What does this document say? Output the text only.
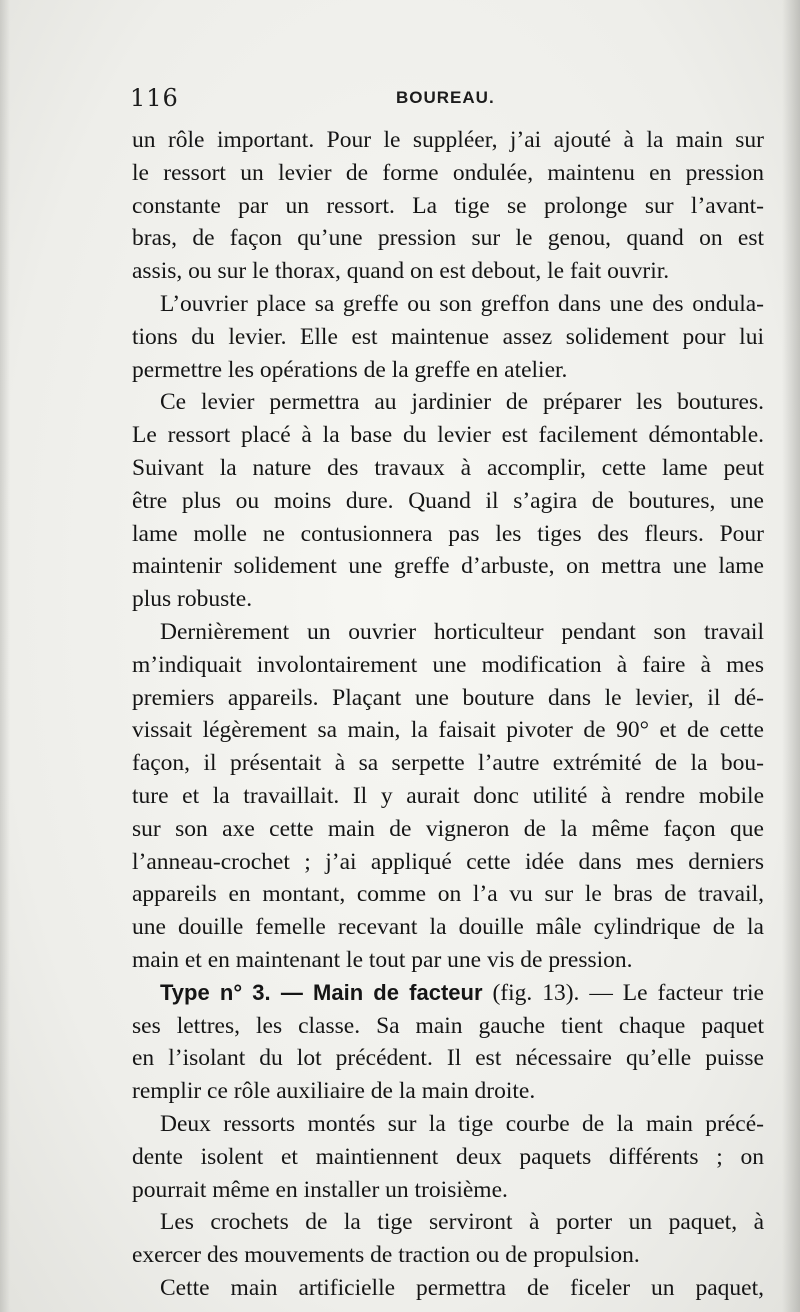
116	BOUREAU.
un rôle important. Pour le suppléer, j’ai ajouté à la main sur
le ressort un levier de forme ondulée, maintenu en pression
constante par un ressort. La tige se prolonge sur l’avant-
bras, de façon qu’une pression sur le genou, quand on est
assis, ou sur le thorax, quand on est debout, le fait ouvrir.
L’ouvrier place sa greffe ou son greffon dans une des ondula-
tions du levier. Elle est maintenue assez solidement pour lui
permettre les opérations de la greffe en atelier.
Ce levier permettra au jardinier de préparer les boutures.
Le ressort placé à la base du levier est facilement démontable.
Suivant la nature des travaux à accomplir, cette lame peut
être plus ou moins dure. Quand il s’agira de boutures, une
lame molle ne contusionnera pas les tiges des fleurs. Pour
maintenir solidement une greffe d’arbuste, on mettra une lame
plus robuste.
Dernièrement un ouvrier horticulteur pendant son travail
m’indiquait involontairement une modification à faire à mes
premiers appareils. Plaçant une bouture dans le levier, il dé-
vissait légèrement sa main, la faisait pivoter de 90° et de cette
façon, il présentait à sa serpette l’autre extrémité de la bou-
ture et la travaillait. Il y aurait donc utilité à rendre mobile
sur son axe cette main de vigneron de la même façon que
l’anneau-crochet ; j’ai appliqué cette idée dans mes derniers
appareils en montant, comme on l’a vu sur le bras de travail,
une douille femelle recevant la douille mâle cylindrique de la
main et en maintenant le tout par une vis de pression.
Type n° 3. — Main de facteur (fig. 13). — Le facteur trie
ses lettres, les classe. Sa main gauche tient chaque paquet
en l’isolant du lot précédent. Il est nécessaire qu’elle puisse
remplir ce rôle auxiliaire de la main droite.
Deux ressorts montés sur la tige courbe de la main précé-
dente isolent et maintiennent deux paquets différents ; on
pourrait même en installer un troisième.
Les crochets de la tige serviront à porter un paquet, à
exercer des mouvements de traction ou de propulsion.
Cette main artificielle permettra de ficeler un paquet,
